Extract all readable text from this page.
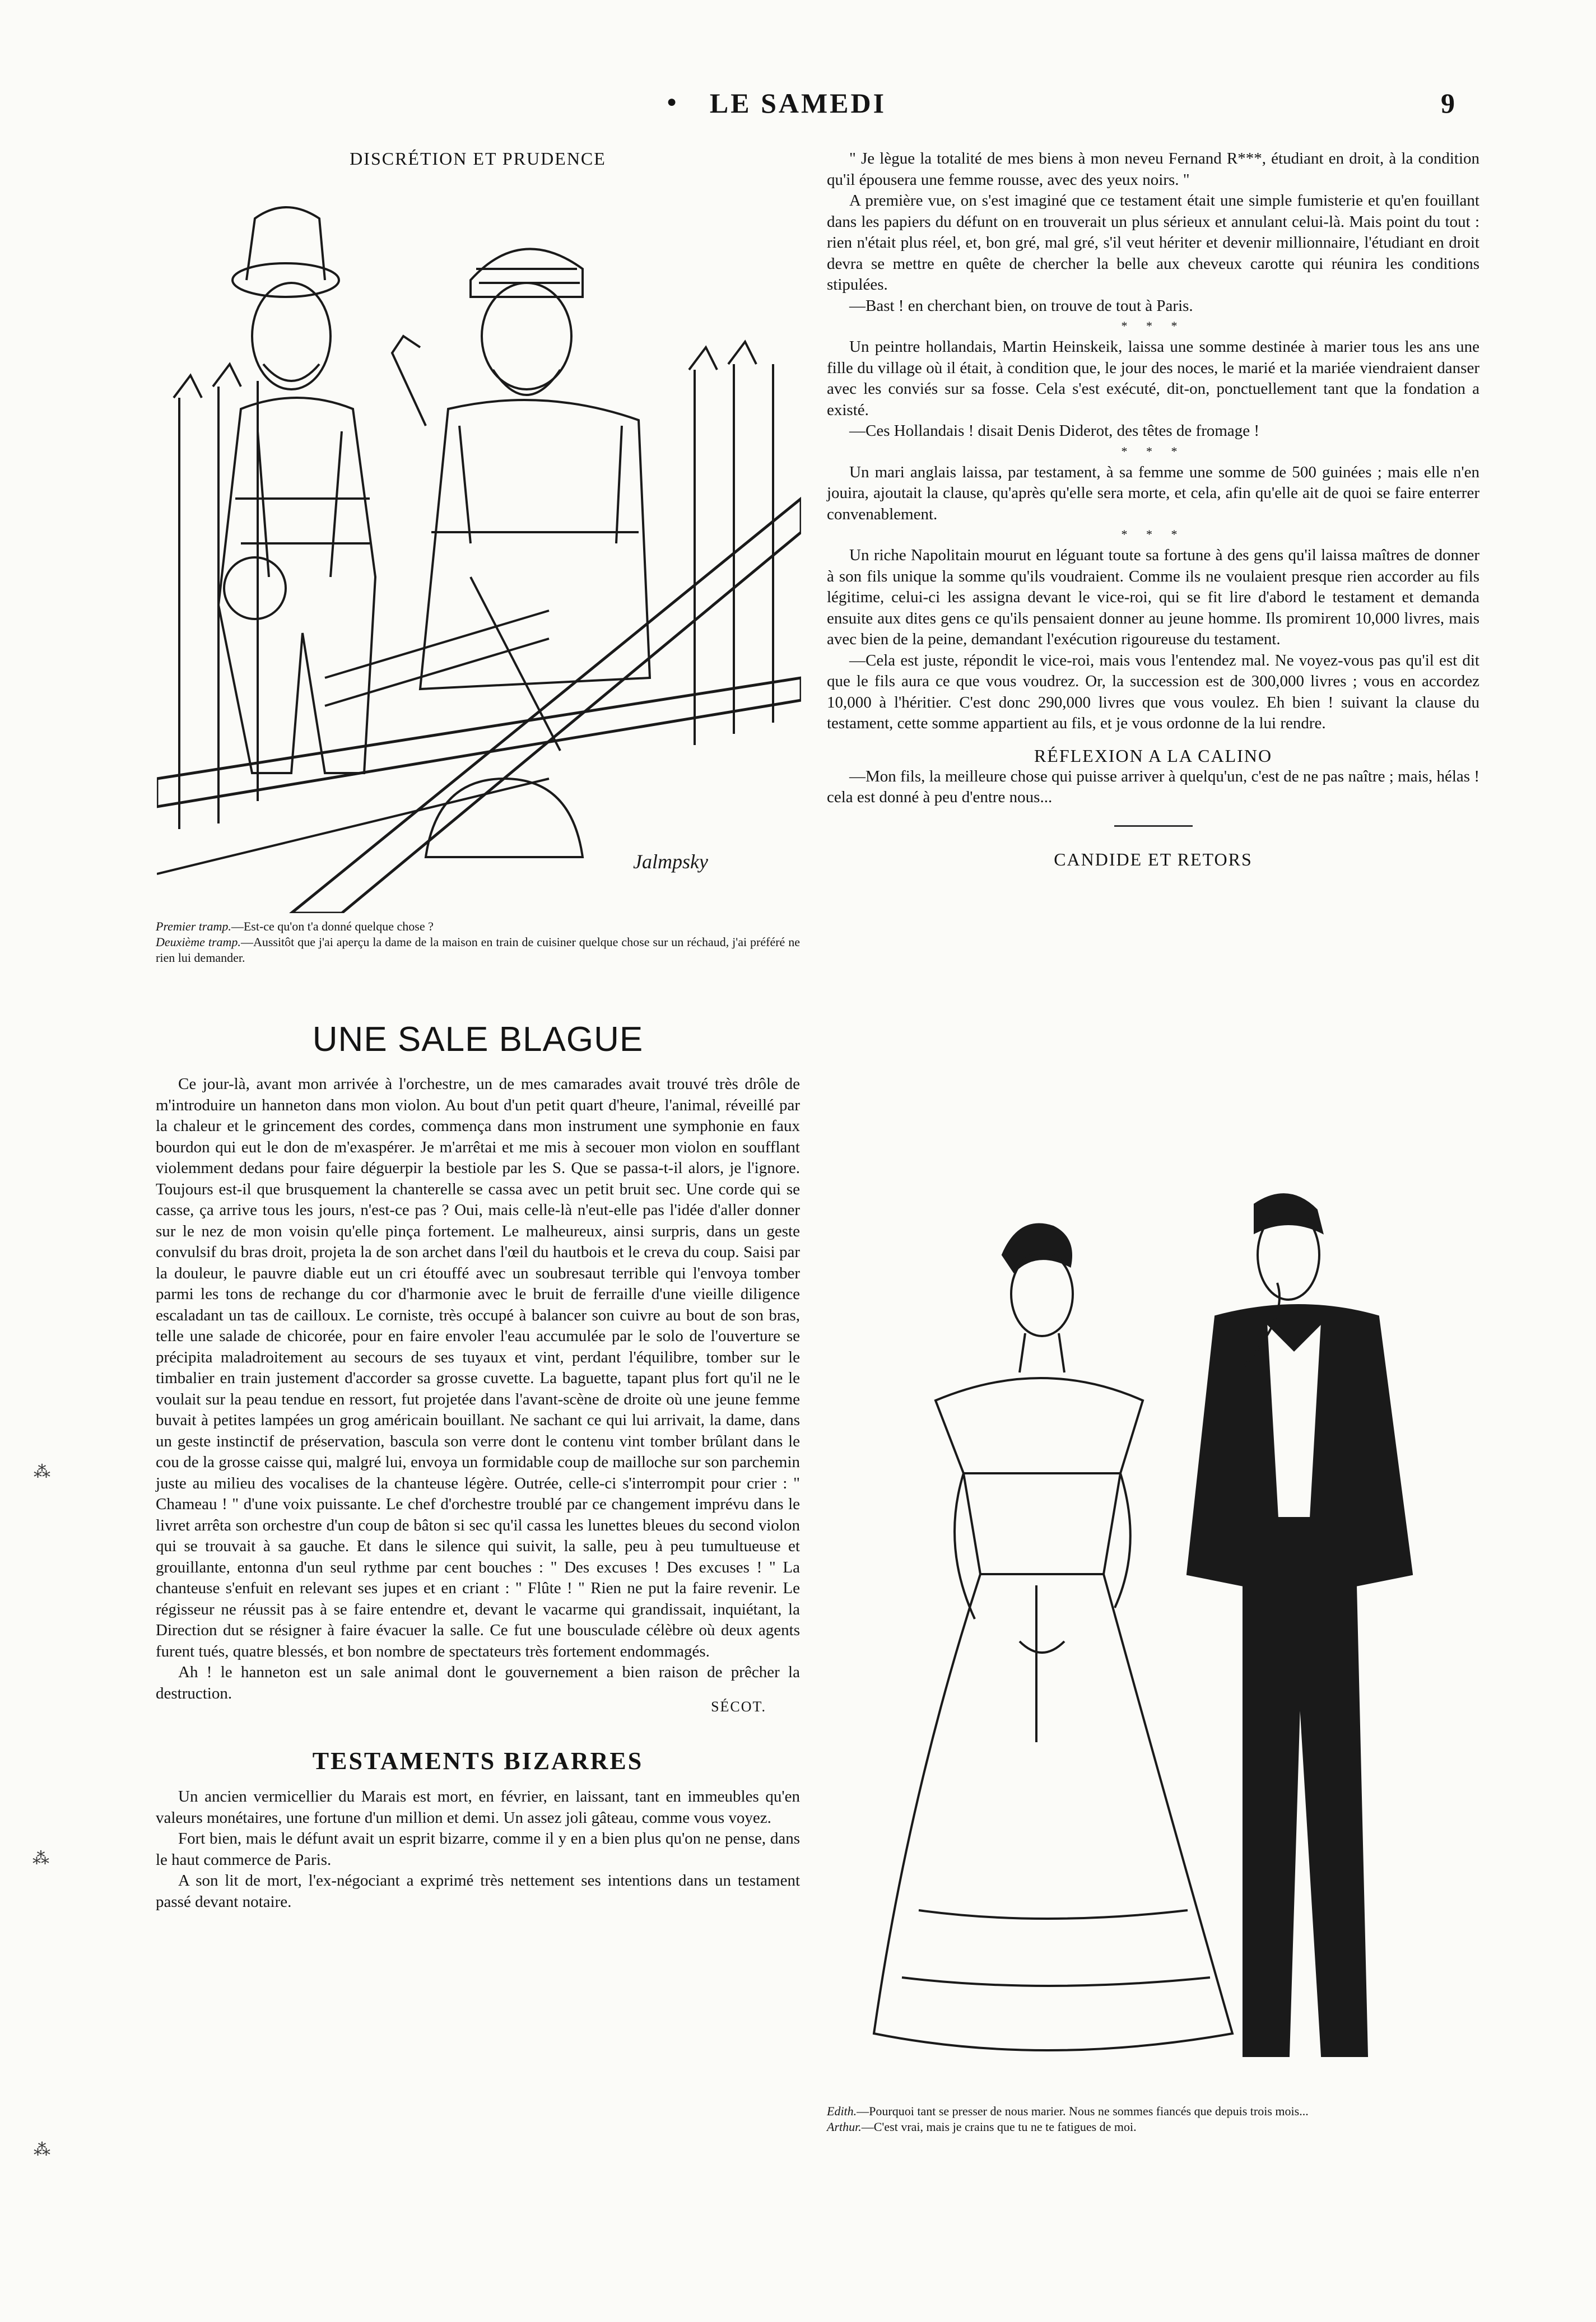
●	LE SAMEDI	9

DISCRÉTION ET PRUDENCE

Jalmpsky

Premier tramp.—Est-ce qu'on t'a donné quelque chose ?

Deuxième tramp.—Aussitôt que j'ai aperçu la dame de la maison en train de cuisiner quelque chose sur un réchaud, j'ai préféré ne rien lui demander.

UNE SALE BLAGUE

Ce jour-là, avant mon arrivée à l'orchestre, un de mes camarades avait trouvé très drôle de m'introduire un hanneton dans mon violon. Au bout d'un petit quart d'heure, l'animal, réveillé par la chaleur et le grincement des cordes, commença dans mon instrument une symphonie en faux bourdon qui eut le don de m'exaspérer. Je m'arrêtai et me mis à secouer mon violon en soufflant violemment dedans pour faire déguerpir la bestiole par les S. Que se passa-t-il alors, je l'ignore. Toujours est-il que brusquement la chanterelle se cassa avec un petit bruit sec. Une corde qui se casse, ça arrive tous les jours, n'est-ce pas ? Oui, mais celle-là n'eut-elle pas l'idée d'aller donner sur le nez de mon voisin qu'elle pinça fortement. Le malheureux, ainsi surpris, dans un geste convulsif du bras droit, projeta la de son archet dans l'œil du hautbois et le creva du coup. Saisi par la douleur, le pauvre diable eut un cri étouffé avec un soubresaut terrible qui l'envoya tomber parmi les tons de rechange du cor d'harmonie avec le bruit de ferraille d'une vieille diligence escaladant un tas de cailloux. Le corniste, très occupé à balancer son cuivre au bout de son bras, telle une salade de chicorée, pour en faire envoler l'eau accumulée par le solo de l'ouverture se précipita maladroitement au secours de ses tuyaux et vint, perdant l'équilibre, tomber sur le timbalier en train justement d'accorder sa grosse cuvette. La baguette, tapant plus fort qu'il ne le voulait sur la peau tendue en ressort, fut projetée dans l'avant-scène de droite où une jeune femme buvait à petites lampées un grog américain bouillant. Ne sachant ce qui lui arrivait, la dame, dans un geste instinctif de préservation, bascula son verre dont le contenu vint tomber brûlant dans le cou de la grosse caisse qui, malgré lui, envoya un formidable coup de mailloche sur son parchemin juste au milieu des vocalises de la chanteuse légère. Outrée, celle-ci s'interrompit pour crier : " Chameau ! " d'une voix puissante. Le chef d'orchestre troublé par ce changement imprévu dans le livret arrêta son orchestre d'un coup de bâton si sec qu'il cassa les lunettes bleues du second violon qui se trouvait à sa gauche. Et dans le silence qui suivit, la salle, peu à peu tumultueuse et grouillante, entonna d'un seul rythme par cent bouches : " Des excuses ! Des excuses ! " La chanteuse s'enfuit en relevant ses jupes et en criant : " Flûte ! " Rien ne put la faire revenir. Le régisseur ne réussit pas à se faire entendre et, devant le vacarme qui grandissait, inquiétant, la Direction dut se résigner à faire évacuer la salle. Ce fut une bousculade célèbre où deux agents furent tués, quatre blessés, et bon nombre de spectateurs très fortement endommagés.

Ah ! le hanneton est un sale animal dont le gouvernement a bien raison de prêcher la destruction.

SÉCOT.
TESTAMENTS BIZARRES

Un ancien vermicellier du Marais est mort, en février, en laissant, tant en immeubles qu'en valeurs monétaires, une fortune d'un million et demi. Un assez joli gâteau, comme vous voyez.

Fort bien, mais le défunt avait un esprit bizarre, comme il y en a bien plus qu'on ne pense, dans le haut commerce de Paris.

A son lit de mort, l'ex-négociant a exprimé très nettement ses intentions dans un testament passé devant notaire.

" Je lègue la totalité de mes biens à mon neveu Fernand R***, étudiant en droit, à la condition qu'il épousera une femme rousse, avec des yeux noirs. "

A première vue, on s'est imaginé que ce testament était une simple fumisterie et qu'en fouillant dans les papiers du défunt on en trouverait un plus sérieux et annulant celui-là. Mais point du tout : rien n'était plus réel, et, bon gré, mal gré, s'il veut hériter et devenir millionnaire, l'étudiant en droit devra se mettre en quête de chercher la belle aux cheveux carotte qui réunira les conditions stipulées.

—Bast ! en cherchant bien, on trouve de tout à Paris.

* * *

Un peintre hollandais, Martin Heinskeik, laissa une somme destinée à marier tous les ans une fille du village où il était, à condition que, le jour des noces, le marié et la mariée viendraient danser avec les conviés sur sa fosse. Cela s'est exécuté, dit-on, ponctuellement tant que la fondation a existé.

—Ces Hollandais ! disait Denis Diderot, des têtes de fromage !

* * *

Un mari anglais laissa, par testament, à sa femme une somme de 500 guinées ; mais elle n'en jouira, ajoutait la clause, qu'après qu'elle sera morte, et cela, afin qu'elle ait de quoi se faire enterrer convenablement.

* * *

Un riche Napolitain mourut en léguant toute sa fortune à des gens qu'il laissa maîtres de donner à son fils unique la somme qu'ils voudraient. Comme ils ne voulaient presque rien accorder au fils légitime, celui-ci les assigna devant le vice-roi, qui se fit lire d'abord le testament et demanda ensuite aux dites gens ce qu'ils pensaient donner au jeune homme. Ils promirent 10,000 livres, mais avec bien de la peine, demandant l'exécution rigoureuse du testament.

—Cela est juste, répondit le vice-roi, mais vous l'entendez mal. Ne voyez-vous pas qu'il est dit que le fils aura ce que vous voudrez. Or, la succession est de 300,000 livres ; vous en accordez 10,000 à l'héritier. C'est donc 290,000 livres que vous voulez. Eh bien ! suivant la clause du testament, cette somme appartient au fils, et je vous ordonne de la lui rendre.

RÉFLEXION A LA CALINO

—Mon fils, la meilleure chose qui puisse arriver à quelqu'un, c'est de ne pas naître ; mais, hélas ! cela est donné à peu d'entre nous...

CANDIDE ET RETORS

Edith.—Pourquoi tant se presser de nous marier. Nous ne sommes fiancés que depuis trois mois...

Arthur.—C'est vrai, mais je crains que tu ne te fatigues de moi.

⁂
⁂
⁂
